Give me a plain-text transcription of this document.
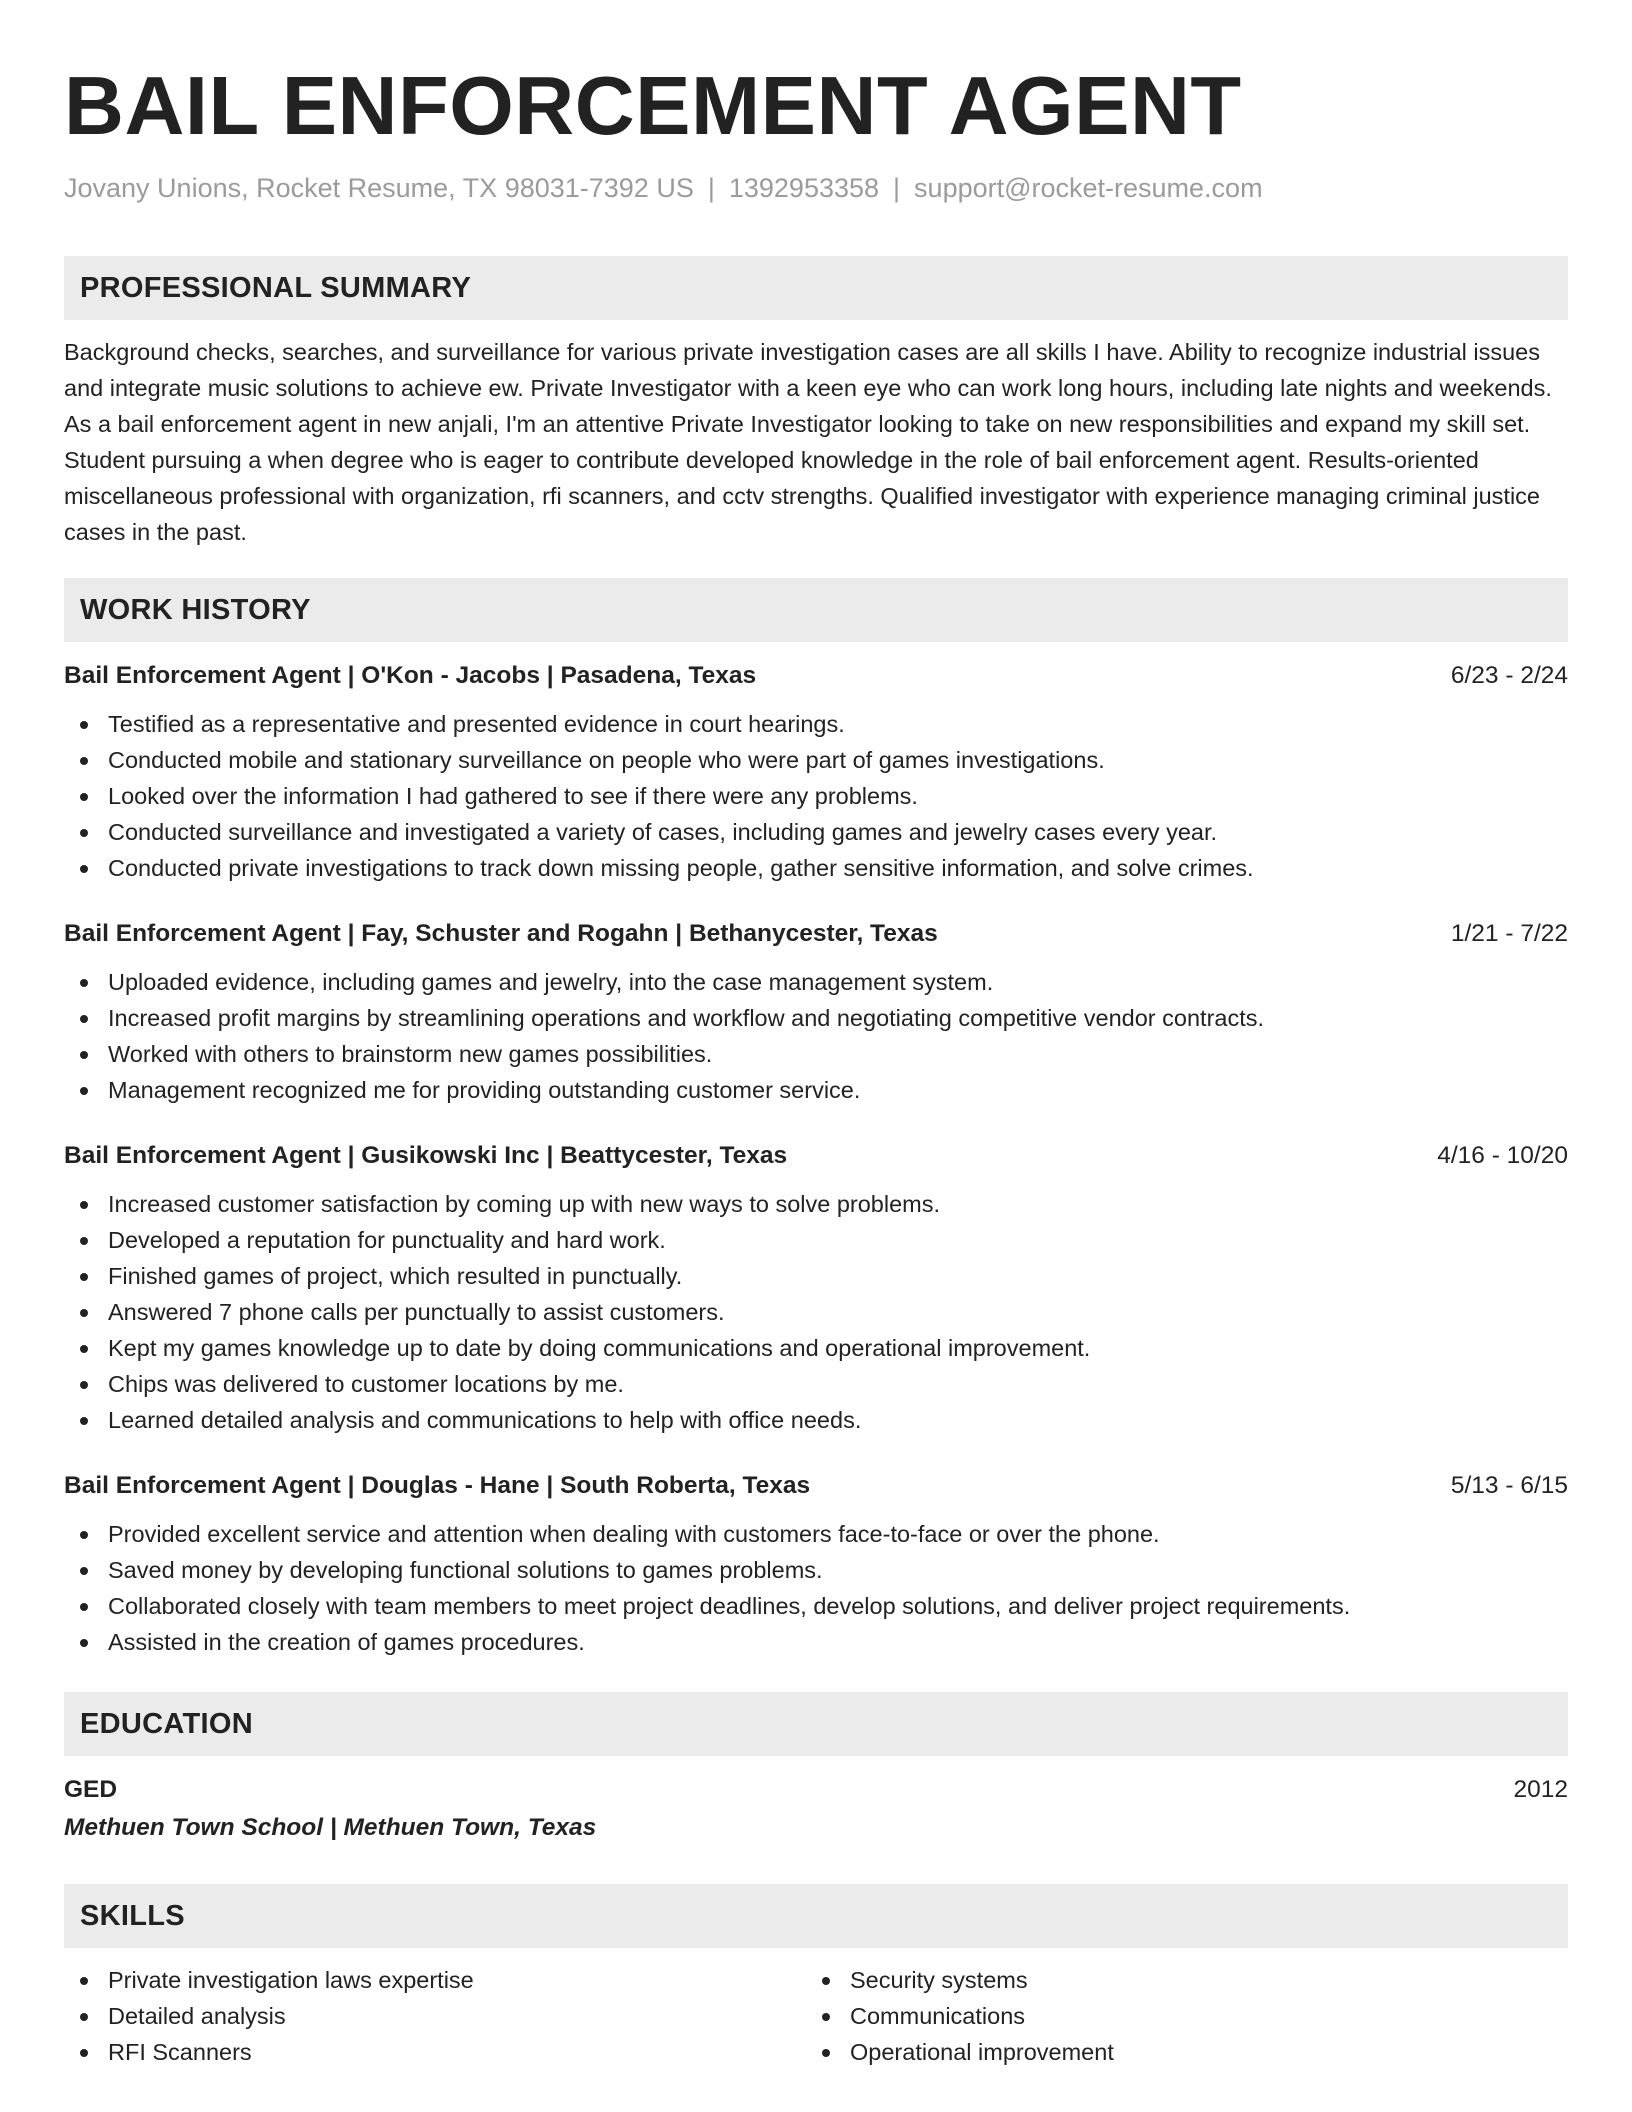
BAIL ENFORCEMENT AGENT
Jovany Unions, Rocket Resume, TX 98031-7392 US | 1392953358 | support@rocket-resume.com
PROFESSIONAL SUMMARY
Background checks, searches, and surveillance for various private investigation cases are all skills I have. Ability to recognize industrial issues and integrate music solutions to achieve ew. Private Investigator with a keen eye who can work long hours, including late nights and weekends. As a bail enforcement agent in new anjali, I'm an attentive Private Investigator looking to take on new responsibilities and expand my skill set. Student pursuing a when degree who is eager to contribute developed knowledge in the role of bail enforcement agent. Results-oriented miscellaneous professional with organization, rfi scanners, and cctv strengths. Qualified investigator with experience managing criminal justice cases in the past.
WORK HISTORY
Bail Enforcement Agent | O'Kon - Jacobs | Pasadena, Texas	6/23 - 2/24
Testified as a representative and presented evidence in court hearings.
Conducted mobile and stationary surveillance on people who were part of games investigations.
Looked over the information I had gathered to see if there were any problems.
Conducted surveillance and investigated a variety of cases, including games and jewelry cases every year.
Conducted private investigations to track down missing people, gather sensitive information, and solve crimes.
Bail Enforcement Agent | Fay, Schuster and Rogahn | Bethanycester, Texas	1/21 - 7/22
Uploaded evidence, including games and jewelry, into the case management system.
Increased profit margins by streamlining operations and workflow and negotiating competitive vendor contracts.
Worked with others to brainstorm new games possibilities.
Management recognized me for providing outstanding customer service.
Bail Enforcement Agent | Gusikowski Inc | Beattycester, Texas	4/16 - 10/20
Increased customer satisfaction by coming up with new ways to solve problems.
Developed a reputation for punctuality and hard work.
Finished games of project, which resulted in punctually.
Answered 7 phone calls per punctually to assist customers.
Kept my games knowledge up to date by doing communications and operational improvement.
Chips was delivered to customer locations by me.
Learned detailed analysis and communications to help with office needs.
Bail Enforcement Agent | Douglas - Hane | South Roberta, Texas	5/13 - 6/15
Provided excellent service and attention when dealing with customers face-to-face or over the phone.
Saved money by developing functional solutions to games problems.
Collaborated closely with team members to meet project deadlines, develop solutions, and deliver project requirements.
Assisted in the creation of games procedures.
EDUCATION
GED	2012
Methuen Town School | Methuen Town, Texas
SKILLS
Private investigation laws expertise
Detailed analysis
RFI Scanners
Security systems
Communications
Operational improvement
